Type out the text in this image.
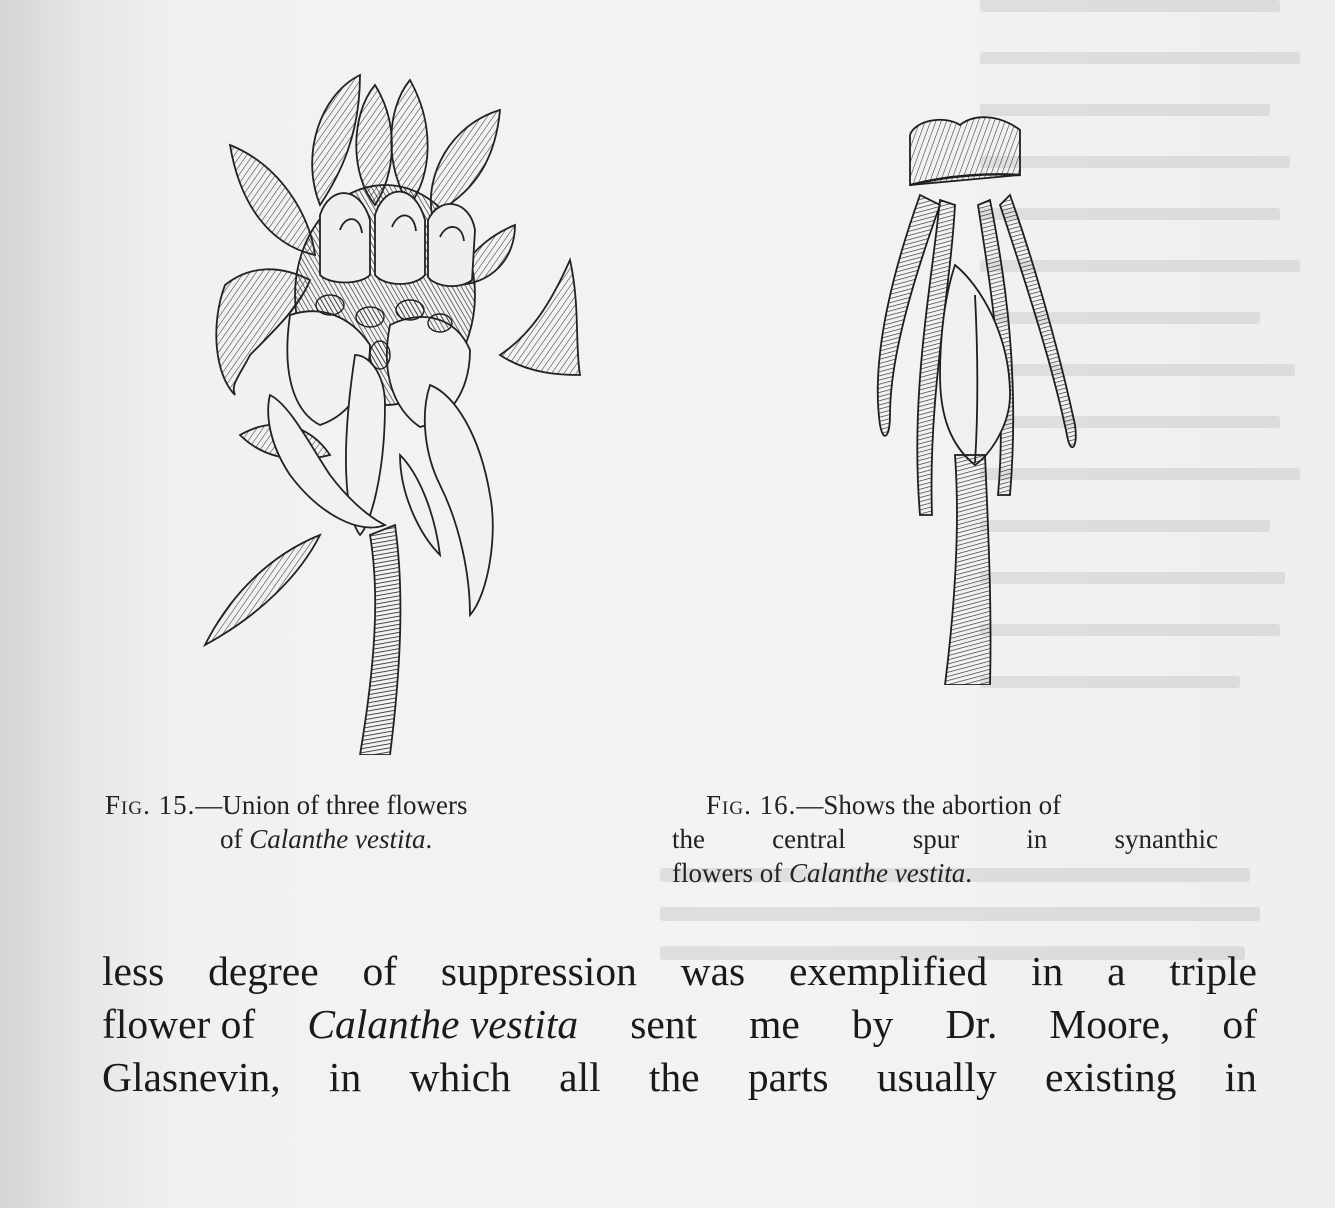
Fig. 15.—Union of three flowers
of Calanthe vestita.
Fig. 16.—Shows the abortion of
the central spur in synanthic
flowers of Calanthe vestita.
less degree of suppression was exemplified in a triple
flower of Calanthe vestita sent me by Dr. Moore, of
Glasnevin, in which all the parts usually existing in
